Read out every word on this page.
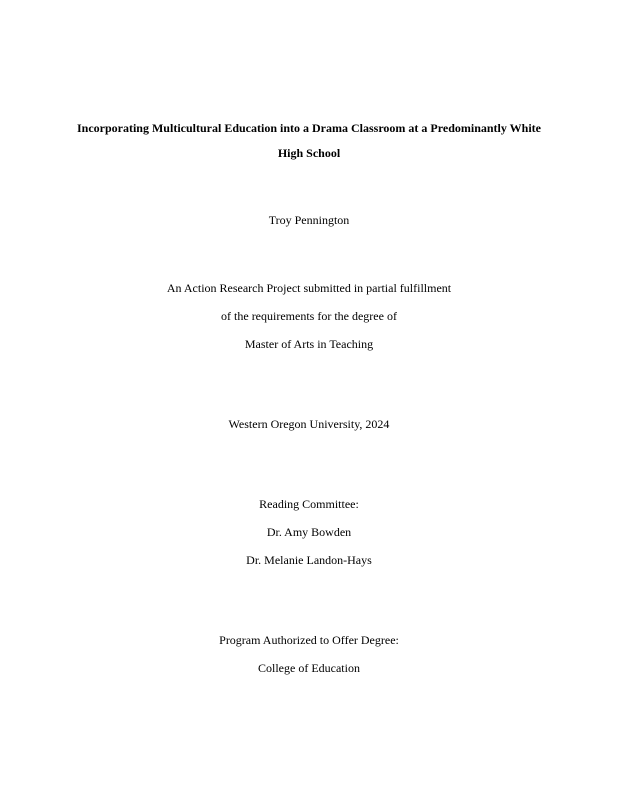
Incorporating Multicultural Education into a Drama Classroom at a Predominantly White
High School
Troy Pennington
An Action Research Project submitted in partial fulfillment
of the requirements for the degree of
Master of Arts in Teaching
Western Oregon University, 2024
Reading Committee:
Dr. Amy Bowden
Dr. Melanie Landon-Hays
Program Authorized to Offer Degree:
College of Education
